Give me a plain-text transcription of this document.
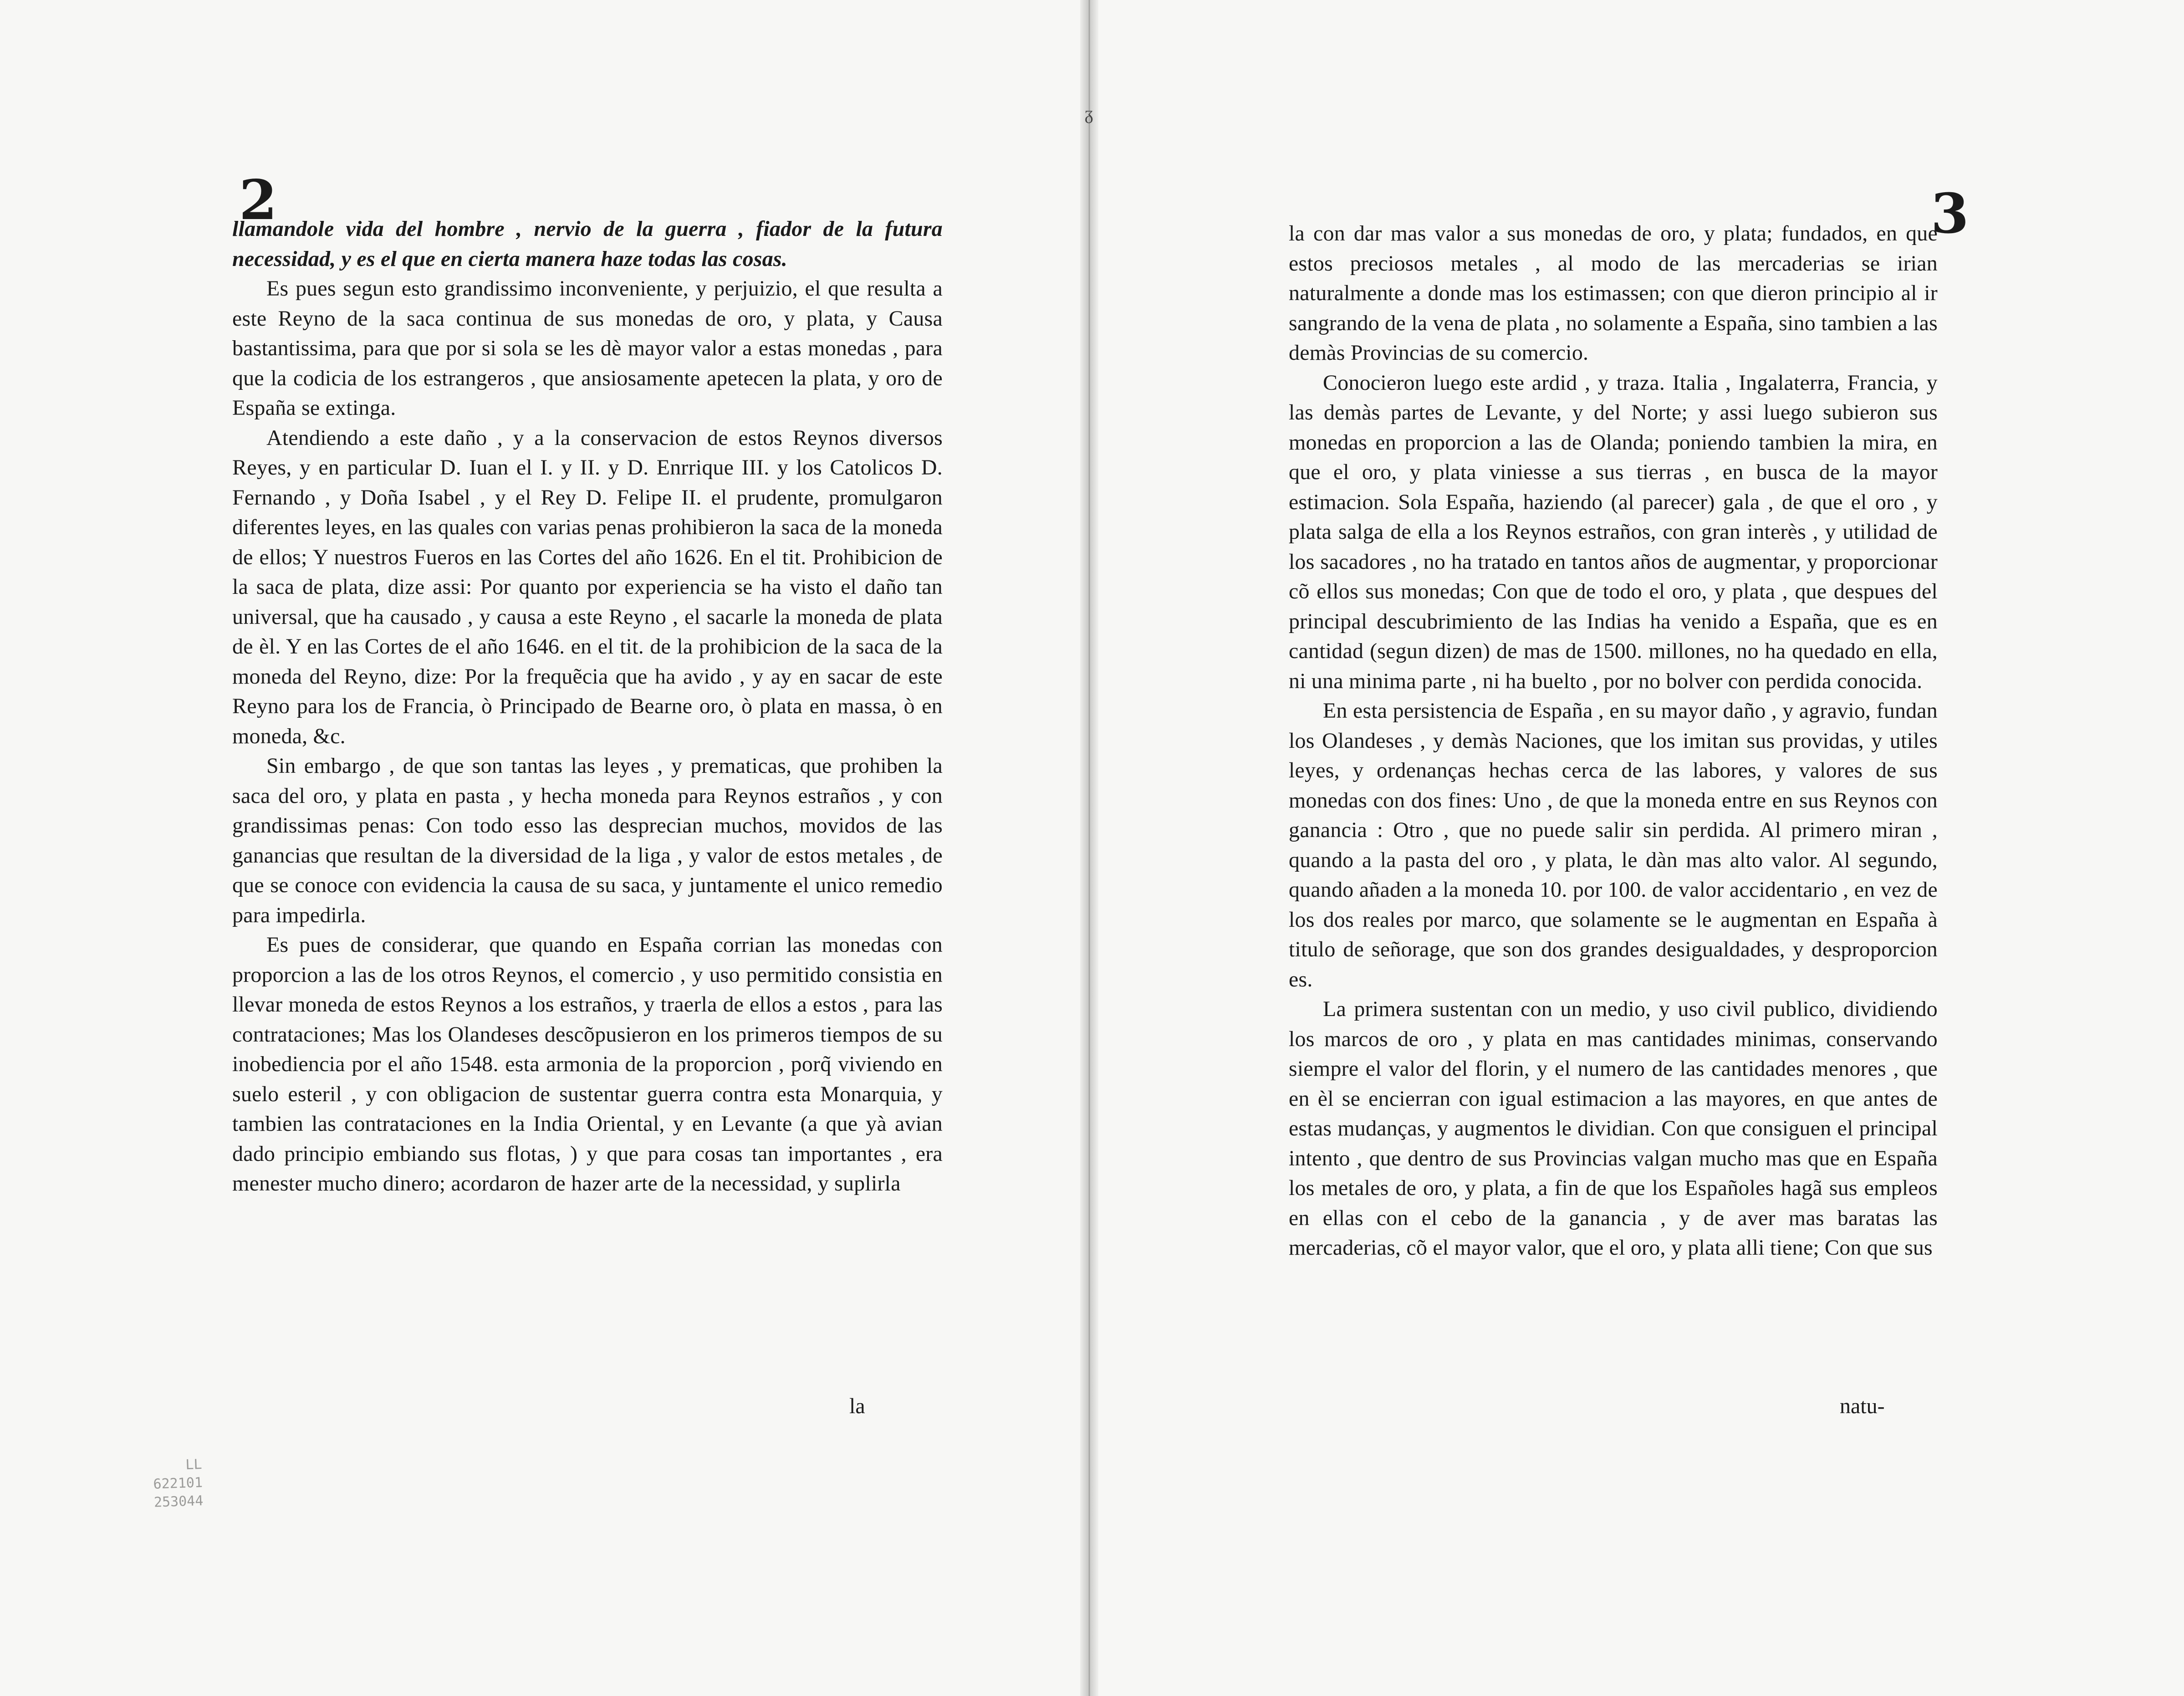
ᵹ
2

llamandole vida del hombre , nervio de la guerra , fiador de la futura necessidad, y es el que en cierta manera haze todas las cosas.

Es pues segun esto grandissimo inconveniente, y perjuizio, el que resulta a este Reyno de la saca continua de sus monedas de oro, y plata, y Causa bastantissima, para que por si sola se les dè mayor valor a estas monedas , para que la codicia de los estrangeros , que ansiosamente apetecen la plata, y oro de España se extinga.

Atendiendo a este daño , y a la conservacion de estos Reynos diversos Reyes, y en particular D. Iuan el I. y II. y D. Enrrique III. y los Catolicos D. Fernando , y Doña Isabel , y el Rey D. Felipe II. el prudente, promulgaron diferentes leyes, en las quales con varias penas prohibieron la saca de la moneda de ellos; Y nuestros Fueros en las Cortes del año 1626. En el tit. Prohibicion de la saca de plata, dize assi: Por quanto por experiencia se ha visto el daño tan universal, que ha causado , y causa a este Reyno , el sacarle la moneda de plata de èl. Y en las Cortes de el año 1646. en el tit. de la prohibicion de la saca de la moneda del Reyno, dize: Por la frequẽcia que ha avido , y ay en sacar de este Reyno para los de Francia, ò Principado de Bearne oro, ò plata en massa, ò en moneda, &c.

Sin embargo , de que son tantas las leyes , y prematicas, que prohiben la saca del oro, y plata en pasta , y hecha moneda para Reynos estraños , y con grandissimas penas: Con todo esso las desprecian muchos, movidos de las ganancias que resultan de la diversidad de la liga , y valor de estos metales , de que se conoce con evidencia la causa de su saca, y juntamente el unico remedio para impedirla.

Es pues de considerar, que quando en España corrian las monedas con proporcion a las de los otros Reynos, el comercio , y uso permitido consistia en llevar moneda de estos Reynos a los estraños, y traerla de ellos a estos , para las contrataciones; Mas los Olandeses descõpusieron en los primeros tiempos de su inobediencia por el año 1548. esta armonia de la proporcion , porq̃ viviendo en suelo esteril , y con obligacion de sustentar guerra contra esta Monarquia, y tambien las contrataciones en la India Oriental, y en Levante (a que yà avian dado principio embiando sus flotas, ) y que para cosas tan importantes , era menester mucho dinero; acordaron de hazer arte de la necessidad, y suplirla

la
LL
622101
253044
3

la con dar mas valor a sus monedas de oro, y plata; fundados, en que estos preciosos metales , al modo de las mercaderias se irian naturalmente a donde mas los estimassen; con que dieron principio al ir sangrando de la vena de plata , no solamente a España, sino tambien a las demàs Provincias de su comercio.

Conocieron luego este ardid , y traza. Italia , Ingalaterra, Francia, y las demàs partes de Levante, y del Norte; y assi luego subieron sus monedas en proporcion a las de Olanda; poniendo tambien la mira, en que el oro, y plata viniesse a sus tierras , en busca de la mayor estimacion. Sola España, haziendo (al parecer) gala , de que el oro , y plata salga de ella a los Reynos estraños, con gran interès , y utilidad de los sacadores , no ha tratado en tantos años de augmentar, y proporcionar cõ ellos sus monedas; Con que de todo el oro, y plata , que despues del principal descubrimiento de las Indias ha venido a España, que es en cantidad (segun dizen) de mas de 1500. millones, no ha quedado en ella, ni una minima parte , ni ha buelto , por no bolver con perdida conocida.

En esta persistencia de España , en su mayor daño , y agravio, fundan los Olandeses , y demàs Naciones, que los imitan sus providas, y utiles leyes, y ordenanças hechas cerca de las labores, y valores de sus monedas con dos fines: Uno , de que la moneda entre en sus Reynos con ganancia : Otro , que no puede salir sin perdida. Al primero miran , quando a la pasta del oro , y plata, le dàn mas alto valor. Al segundo, quando añaden a la moneda 10. por 100. de valor accidentario , en vez de los dos reales por marco, que solamente se le augmentan en España à titulo de señorage, que son dos grandes desigualdades, y desproporcion es.

La primera sustentan con un medio, y uso civil publico, dividiendo los marcos de oro , y plata en mas cantidades minimas, conservando siempre el valor del florin, y el numero de las cantidades menores , que en èl se encierran con igual estimacion a las mayores, en que antes de estas mudanças, y augmentos le dividian. Con que consiguen el principal intento , que dentro de sus Provincias valgan mucho mas que en España los metales de oro, y plata, a fin de que los Españoles hagã sus empleos en ellas con el cebo de la ganancia , y de aver mas baratas las mercaderias, cõ el mayor valor, que el oro, y plata alli tiene; Con que sus

natu-
